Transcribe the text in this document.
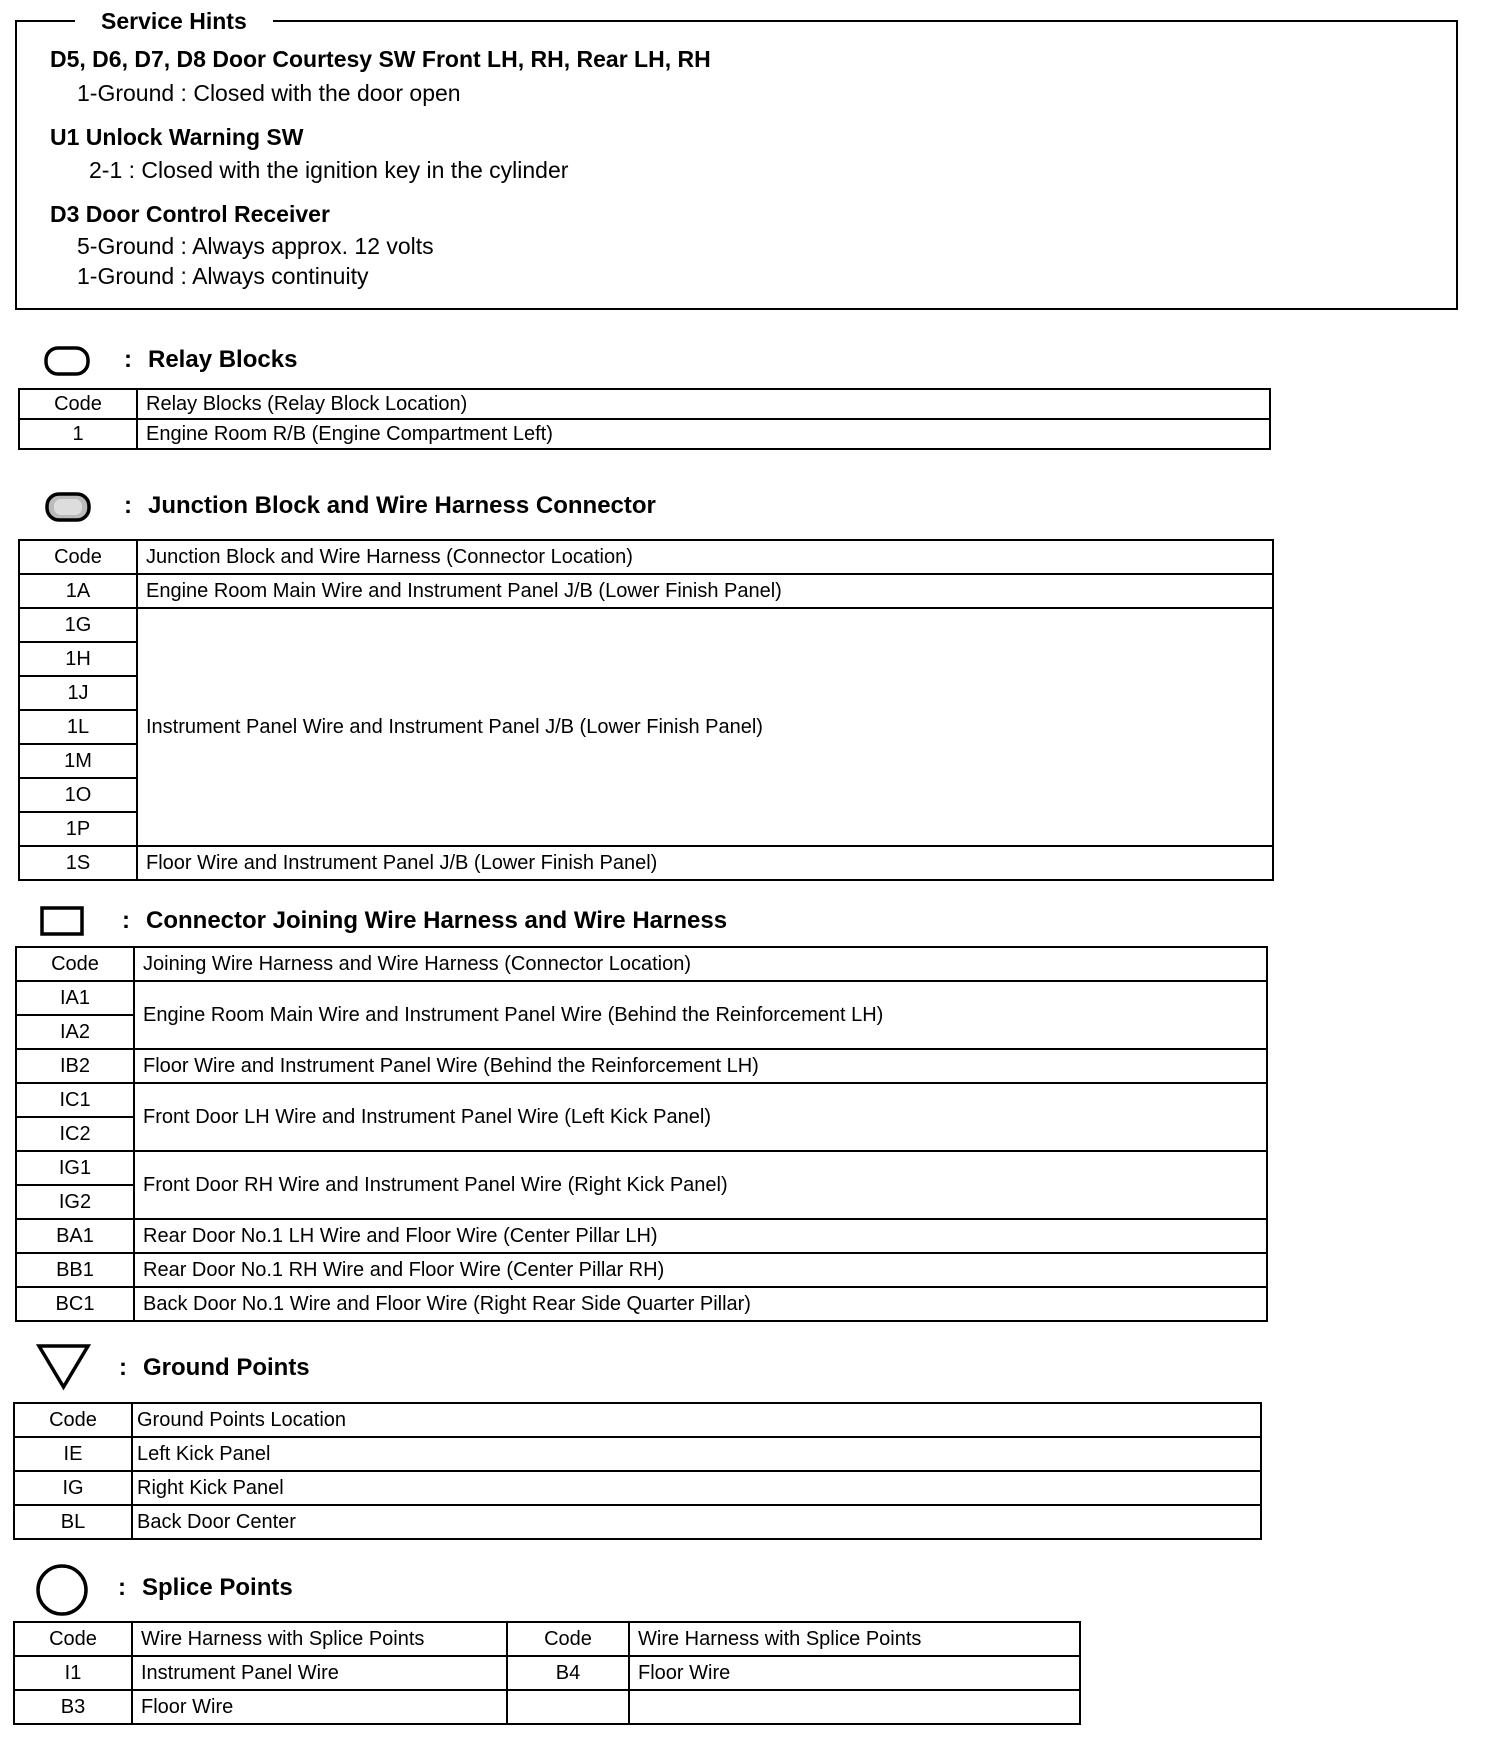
Service Hints
D5, D6, D7, D8 Door Courtesy SW Front LH, RH, Rear LH, RH
1-Ground : Closed with the door open
U1 Unlock Warning SW
2-1 : Closed with the ignition key in the cylinder
D3 Door Control Receiver
5-Ground : Always approx. 12 volts
1-Ground : Always continuity
: Relay Blocks
Code	Relay Blocks (Relay Block Location)
1	Engine Room R/B (Engine Compartment Left)
: Junction Block and Wire Harness Connector
Code	Junction Block and Wire Harness (Connector Location)
1A	Engine Room Main Wire and Instrument Panel J/B (Lower Finish Panel)
1G	Instrument Panel Wire and Instrument Panel J/B (Lower Finish Panel)
1H	
1J	
1L	
1M	
1O	
1P	
1S	Floor Wire and Instrument Panel J/B (Lower Finish Panel)
: Connector Joining Wire Harness and Wire Harness
Code	Joining Wire Harness and Wire Harness (Connector Location)
IA1	Engine Room Main Wire and Instrument Panel Wire (Behind the Reinforcement LH)
IA2	
IB2	Floor Wire and Instrument Panel Wire (Behind the Reinforcement LH)
IC1	Front Door LH Wire and Instrument Panel Wire (Left Kick Panel)
IC2	
IG1	Front Door RH Wire and Instrument Panel Wire (Right Kick Panel)
IG2	
BA1	Rear Door No.1 LH Wire and Floor Wire (Center Pillar LH)
BB1	Rear Door No.1 RH Wire and Floor Wire (Center Pillar RH)
BC1	Back Door No.1 Wire and Floor Wire (Right Rear Side Quarter Pillar)
: Ground Points
Code	Ground Points Location
IE	Left Kick Panel
IG	Right Kick Panel
BL	Back Door Center
: Splice Points
Code	Wire Harness with Splice Points	Code	Wire Harness with Splice Points
I1	Instrument Panel Wire	B4	Floor Wire
B3	Floor Wire		
